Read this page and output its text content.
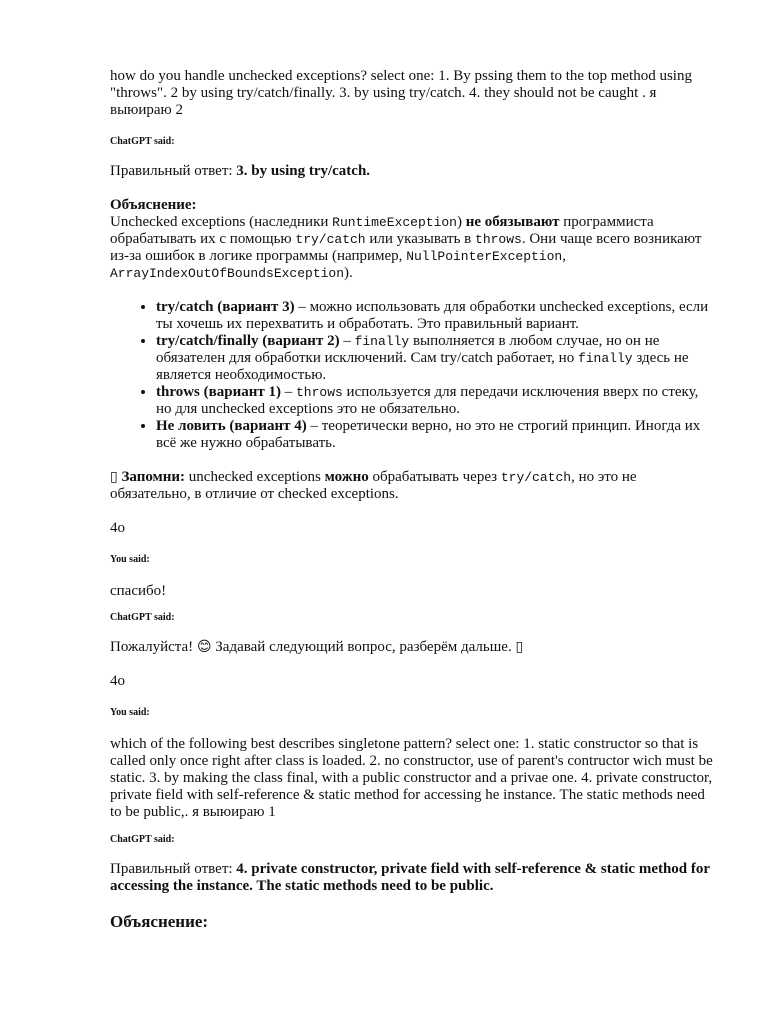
how do you handle unchecked exceptions? select one: 1. By pssing them to the top method using "throws". 2 by using try/catch/finally. 3. by using try/catch. 4. they should not be caught . я выюираю 2

ChatGPT said:

Правильный ответ: 3. by using try/catch.

Объяснение:

Unchecked exceptions (наследники RuntimeException) не обязывают программиста обрабатывать их с помощью try/catch или указывать в throws. Они чаще всего возникают из-за ошибок в логике программы (например, NullPointerException, ArrayIndexOutOfBoundsException).

• try/catch (вариант 3) – можно использовать для обработки unchecked exceptions, если ты хочешь их перехватить и обработать. Это правильный вариант.
• try/catch/finally (вариант 2) – finally выполняется в любом случае, но он не обязателен для обработки исключений. Сам try/catch работает, но finally здесь не является необходимостью.
• throws (вариант 1) – throws используется для передачи исключения вверх по стеку, но для unchecked exceptions это не обязательно.
• Не ловить (вариант 4) – теоретически верно, но это не строгий принцип. Иногда их всё же нужно обрабатывать.

▯ Запомни: unchecked exceptions можно обрабатывать через try/catch, но это не обязательно, в отличие от checked exceptions.

4o

You said:

спасибо!

ChatGPT said:

Пожалуйста! 😊 Задавай следующий вопрос, разберём дальше. ▯

4o

You said:

which of the following best describes singletone pattern? select one: 1. static constructor so that is called only once right after class is loaded. 2. no constructor, use of parent's contructor wich must be static. 3. by making the class final, with a public constructor and a privae one. 4. private constructor, private field with self-reference & static method for accessing he instance. The static methods need to be public,. я выюираю 1

ChatGPT said:

Правильный ответ: 4. private constructor, private field with self-reference & static method for accessing the instance. The static methods need to be public.

Объяснение:
